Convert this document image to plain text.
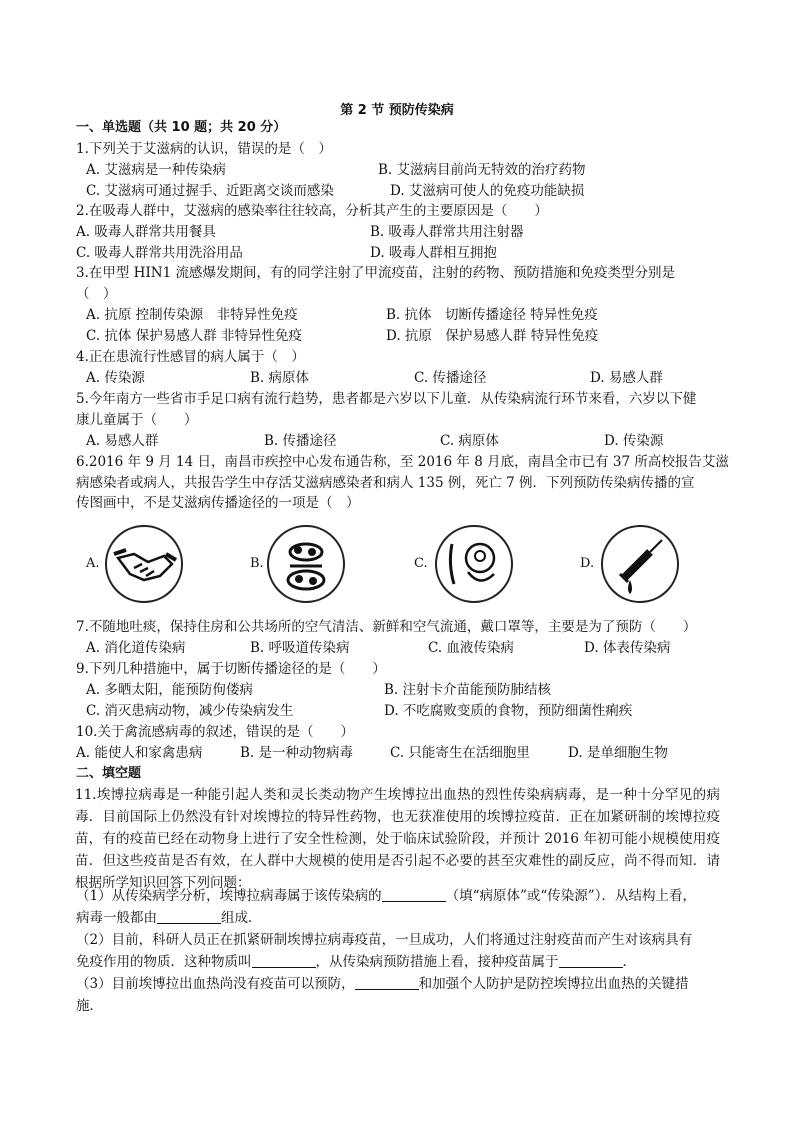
第 2 节 预防传染病
一、单选题（共 10 题；共 20 分）
1.下列关于艾滋病的认识，错误的是（　）
A. 艾滋病是一种传染病	B. 艾滋病目前尚无特效的治疗药物
C. 艾滋病可通过握手、近距离交谈而感染	D. 艾滋病可使人的免疫功能缺损
2.在吸毒人群中，艾滋病的感染率往往较高，分析其产生的主要原因是（　　）
A. 吸毒人群常共用餐具	B. 吸毒人群常共用注射器
C. 吸毒人群常共用洗浴用品	D. 吸毒人群相互拥抱
3.在甲型 HIN1 流感爆发期间，有的同学注射了甲流疫苗，注射的药物、预防措施和免疫类型分别是
（　）
A. 抗原 控制传染源　非特异性免疫	B. 抗体　切断传播途径 特异性免疫
C. 抗体 保护易感人群 非特异性免疫	D. 抗原　保护易感人群 特异性免疫
4.正在患流行性感冒的病人属于（　）
A. 传染源	B. 病原体	C. 传播途径	D. 易感人群
5.今年南方一些省市手足口病有流行趋势，患者都是六岁以下儿童．从传染病流行环节来看，六岁以下健
康儿童属于（　　）
A. 易感人群	B. 传播途径	C. 病原体	D. 传染源
6.2016 年 9 月 14 日，南昌市疾控中心发布通告称，至 2016 年 8 月底，南昌全市已有 37 所高校报告艾滋
病感染者或病人，共报告学生中存活艾滋病感染者和病人 135 例，死亡 7 例．下列预防传染病传播的宣
传图画中，不是艾滋病传播途径的一项是（　）
A.	B.	C.	D.
7.不随地吐痰，保持住房和公共场所的空气清洁、新鲜和空气流通，戴口罩等，主要是为了预防（　　）
A. 消化道传染病	B. 呼吸道传染病	C. 血液传染病	D. 体表传染病
9.下列几种措施中，属于切断传播途径的是（　　）
A. 多晒太阳，能预防佝偻病	B. 注射卡介苗能预防肺结核
C. 消灭患病动物，减少传染病发生	D. 不吃腐败变质的食物，预防细菌性痢疾
10.关于禽流感病毒的叙述，错误的是（　　）
A. 能使人和家禽患病	B. 是一种动物病毒	C. 只能寄生在活细胞里	D. 是单细胞生物
二、填空题
11.埃博拉病毒是一种能引起人类和灵长类动物产生埃博拉出血热的烈性传染病病毒，是一种十分罕见的病毒．目前国际上仍然没有针对埃博拉的特异性药物，也无获准使用的埃博拉疫苗．正在加紧研制的埃博拉疫苗，有的疫苗已经在动物身上进行了安全性检测，处于临床试验阶段，并预计 2016 年初可能小规模使用疫苗．但这些疫苗是否有效，在人群中大规模的使用是否引起不必要的甚至灾难性的副反应，尚不得而知．请根据所学知识回答下列问题：
（1）从传染病学分析，埃博拉病毒属于该传染病的	（填“病原体”或“传染源”）．从结构上看，
病毒一般都由	组成．
（2）目前，科研人员正在抓紧研制埃博拉病毒疫苗，一旦成功，人们将通过注射疫苗而产生对该病具有
免疫作用的物质．这种物质叫	，从传染病预防措施上看，接种疫苗属于	．
（3）目前埃博拉出血热尚没有疫苗可以预防，	和加强个人防护是防控埃博拉出血热的关键措
施．
